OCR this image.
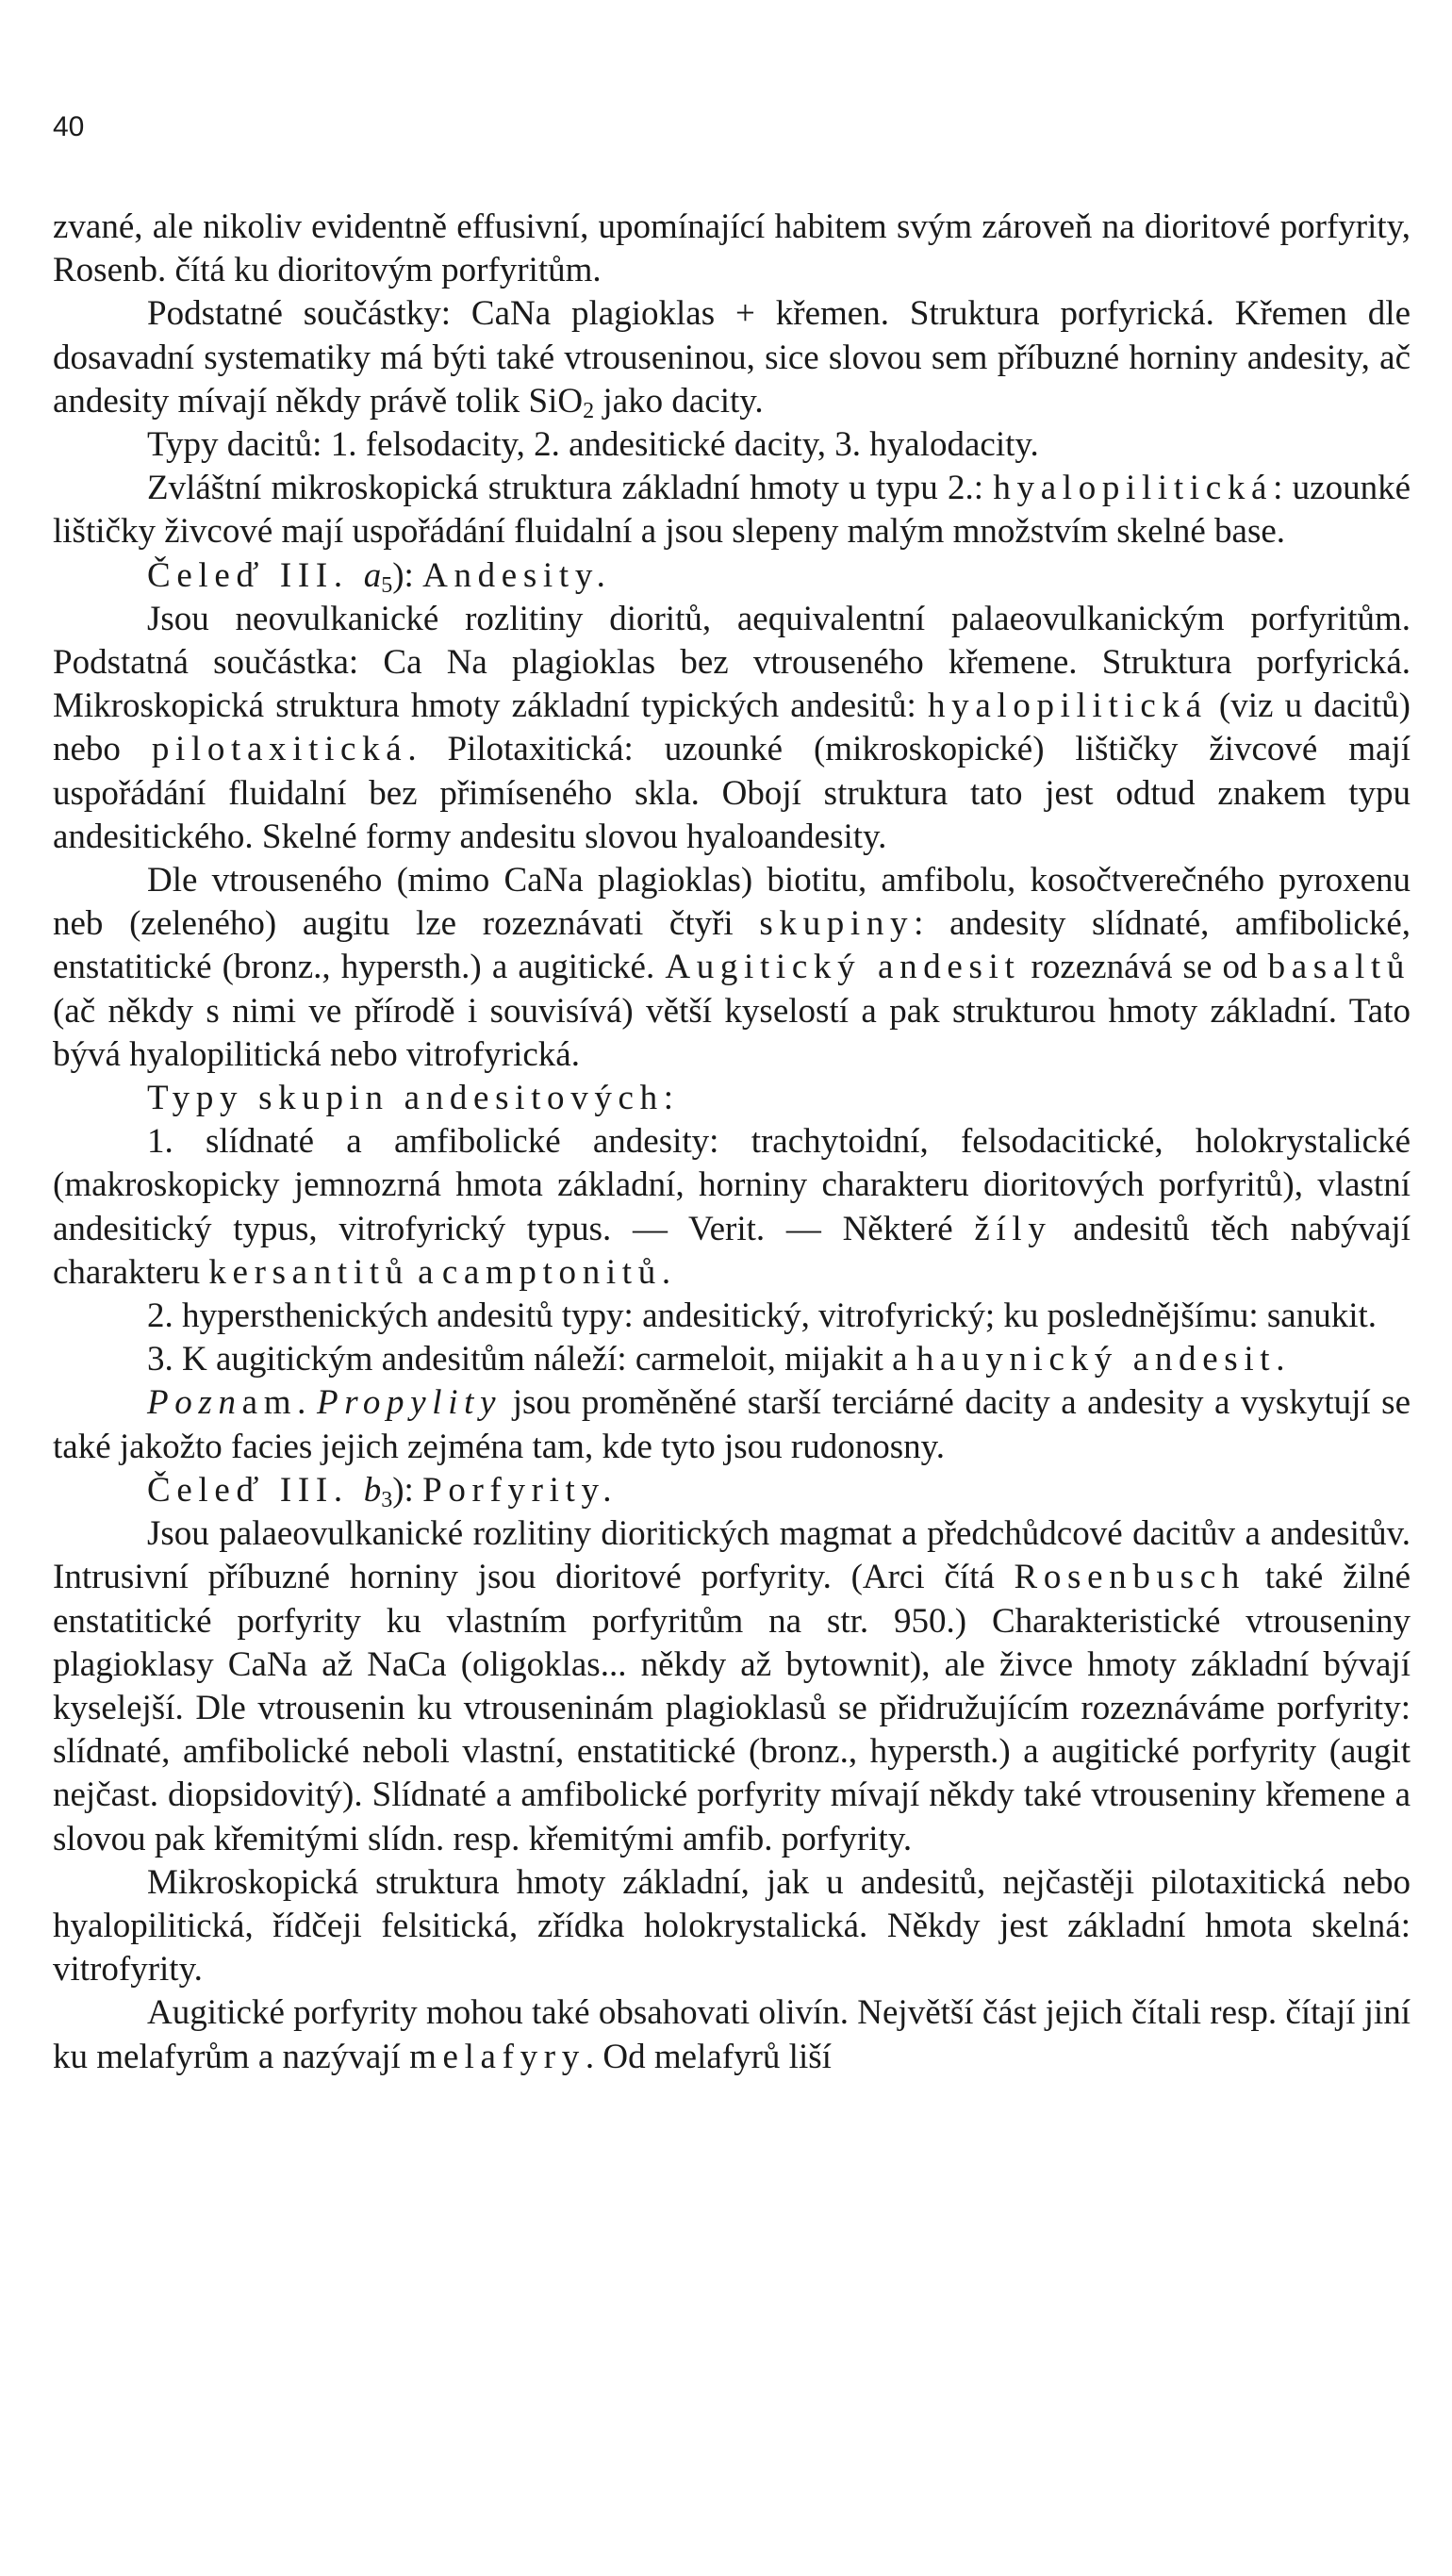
40

zvané, ale nikoliv evidentně effusivní, upomínající habitem svým zároveň na dioritové porfyrity, Rosenb. čítá ku dioritovým porfyritům.

Podstatné součástky: CaNa plagioklas + křemen. Struktura porfyrická. Křemen dle dosavadní systematiky má býti také vtrouseninou, sice slovou sem příbuzné horniny andesity, ač andesity mívají někdy právě tolik SiO$_2$ jako dacity.

Typy dacitů: 1. felsodacity, 2. andesitické dacity, 3. hyalodacity.

Zvláštní mikroskopická struktura základní hmoty u typu 2.: hyalopilitická: uzounké lištičky živcové mají uspořádání fluidalní a jsou slepeny malým množstvím skelné base.

Čeleď III. $a_5$): Andesity.

Jsou neovulkanické rozlitiny dioritů, aequivalentní palaeovulkanickým porfyritům. Podstatná součástka: Ca Na plagioklas bez vtrouseného křemene. Struktura porfyrická. Mikroskopická struktura hmoty základní typických andesitů: hyalopilitická (viz u dacitů) nebo pilotaxitická. Pilotaxitická: uzounké (mikroskopické) lištičky živcové mají uspořádání fluidalní bez přimíseného skla. Obojí struktura tato jest odtud znakem typu andesitického. Skelné formy andesitu slovou hyaloandesity.

Dle vtrouseného (mimo CaNa plagioklas) biotitu, amfibolu, kosočtverečného pyroxenu neb (zeleného) augitu lze rozeznávati čtyři skupiny: andesity slídnaté, amfibolické, enstatitické (bronz., hypersth.) a augitické. Augitický andesit rozeznává se od basaltů (ač někdy s nimi ve přírodě i souvisívá) větší kyselostí a pak strukturou hmoty základní. Tato bývá hyalopilitická nebo vitrofyrická.

Typy skupin andesitových:

1. slídnaté a amfibolické andesity: trachytoidní, felsodacitické, holokrystalické (makroskopicky jemnozrná hmota základní, horniny charakteru dioritových porfyritů), vlastní andesitický typus, vitrofyrický typus. — Verit. — Některé žíly andesitů těch nabývají charakteru kersantitů a camptonitů.

2. hypersthenických andesitů typy: andesitický, vitrofyrický; ku poslednějšímu: sanukit.

3. K augitickým andesitům náleží: carmeloit, mijakit a hauynický andesit.

Poznam. Propylity jsou proměněné starší terciárné dacity a andesity a vyskytují se také jakožto facies jejich zejména tam, kde tyto jsou rudonosny.

Čeleď III. $b_3$): Porfyrity.

Jsou palaeovulkanické rozlitiny dioritických magmat a předchůdcové dacitův a andesitův. Intrusivní příbuzné horniny jsou dioritové porfyrity. (Arci čítá Rosenbusch také žilné enstatitické porfyrity ku vlastním porfyritům na str. 950.) Charakteristické vtrouseniny plagioklasy CaNa až NaCa (oligoklas... někdy až bytownit), ale živce hmoty základní bývají kyselejší. Dle vtrousenin ku vtrouseninám plagioklasů se přidružujícím rozeznáváme porfyrity: slídnaté, amfibolické neboli vlastní, enstatitické (bronz., hypersth.) a augitické porfyrity (augit nejčast. diopsidovitý). Slídnaté a amfibolické porfyrity mívají někdy také vtrouseniny křemene a slovou pak křemitými slídn. resp. křemitými amfib. porfyrity.

Mikroskopická struktura hmoty základní, jak u andesitů, nejčastěji pilotaxitická nebo hyalopilitická, řídčeji felsitická, zřídka holokrystalická. Někdy jest základní hmota skelná: vitrofyrity.

Augitické porfyrity mohou také obsahovati olivín. Největší část jejich čítali resp. čítají jiní ku melafyrům a nazývají melafyry. Od melafyrů liší
